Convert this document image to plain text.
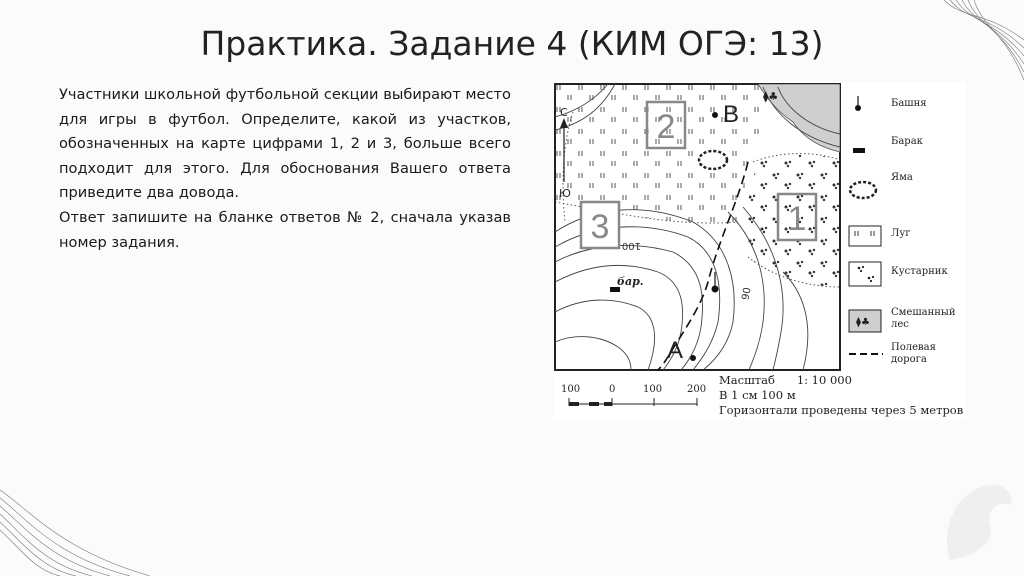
Практика. Задание 4 (КИМ ОГЭ: 13)

Участники школьной футбольной секции выбирают место для игры в футбол. Определите, какой из участков, обозначенных на карте цифрами 1, 2 и 3, больше всего подходит для этого. Для обоснования Вашего ответа приведите два довода.

Ответ запишите на бланке ответов № 2, сначала указав номер задания.

2
1
3
B
A
С
Ю
бар.
⧫♣
100
90
Башня
Барак
Яма
Луг
Кустарник
⧫♣
Смешанный
лес
Полевая
дорога
100	0	100 200
Масштаб      1: 10 000
В 1 см 100 м
Горизонтали проведены через 5 метров
